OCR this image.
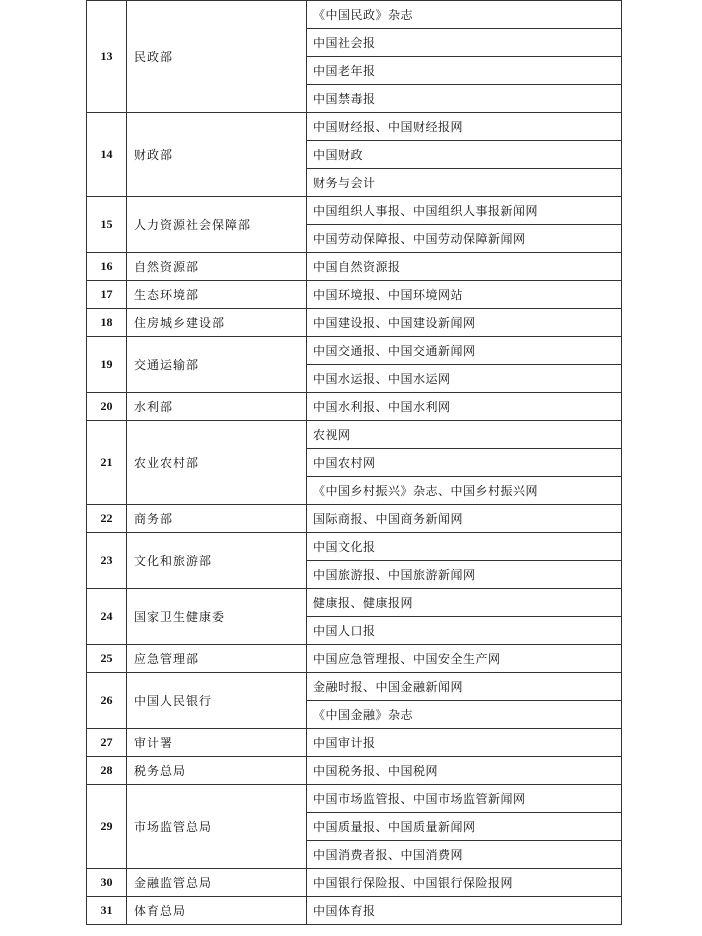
13	民政部	《中国民政》杂志
		中国社会报
		中国老年报
		中国禁毒报
14	财政部	中国财经报、中国财经报网
		中国财政
		财务与会计
15	人力资源社会保障部	中国组织人事报、中国组织人事报新闻网
		中国劳动保障报、中国劳动保障新闻网
16	自然资源部	中国自然资源报
17	生态环境部	中国环境报、中国环境网站
18	住房城乡建设部	中国建设报、中国建设新闻网
19	交通运输部	中国交通报、中国交通新闻网
		中国水运报、中国水运网
20	水利部	中国水利报、中国水利网
21	农业农村部	农视网
		中国农村网
		《中国乡村振兴》杂志、中国乡村振兴网
22	商务部	国际商报、中国商务新闻网
23	文化和旅游部	中国文化报
		中国旅游报、中国旅游新闻网
24	国家卫生健康委	健康报、健康报网
		中国人口报
25	应急管理部	中国应急管理报、中国安全生产网
26	中国人民银行	金融时报、中国金融新闻网
		《中国金融》杂志
27	审计署	中国审计报
28	税务总局	中国税务报、中国税网
29	市场监管总局	中国市场监管报、中国市场监管新闻网
		中国质量报、中国质量新闻网
		中国消费者报、中国消费网
30	金融监管总局	中国银行保险报、中国银行保险报网
31	体育总局	中国体育报
